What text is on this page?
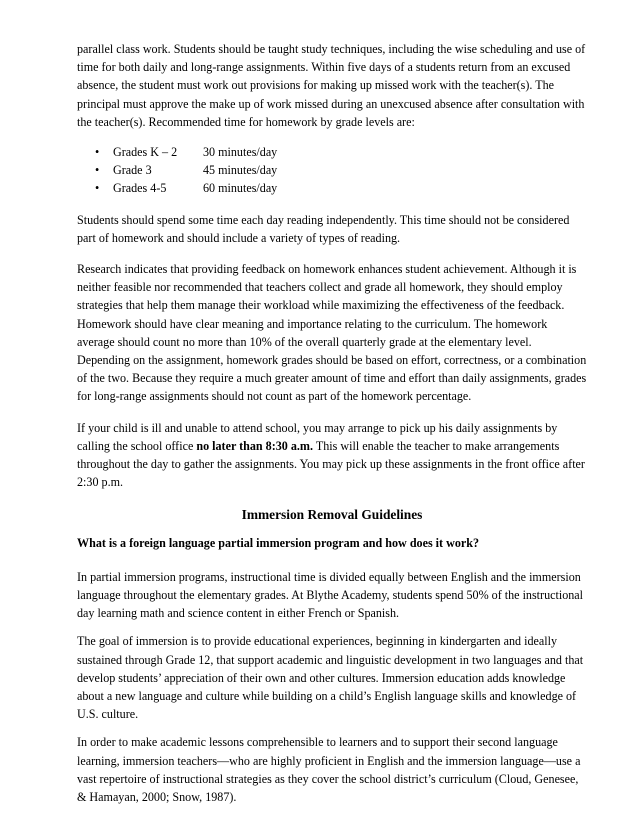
parallel class work. Students should be taught study techniques, including the wise scheduling and use of time for both daily and long-range assignments. Within five days of a students return from an excused absence, the student must work out provisions for making up missed work with the teacher(s). The principal must approve the make up of work missed during an unexcused absence after consultation with the teacher(s). Recommended time for homework by grade levels are:

•	Grades K – 2	30 minutes/day
•	Grade 3	45 minutes/day
•	Grades 4-5	60 minutes/day

Students should spend some time each day reading independently. This time should not be considered part of homework and should include a variety of types of reading.

Research indicates that providing feedback on homework enhances student achievement. Although it is neither feasible nor recommended that teachers collect and grade all homework, they should employ strategies that help them manage their workload while maximizing the effectiveness of the feedback. Homework should have clear meaning and importance relating to the curriculum. The homework average should count no more than 10% of the overall quarterly grade at the elementary level. Depending on the assignment, homework grades should be based on effort, correctness, or a combination of the two. Because they require a much greater amount of time and effort than daily assignments, grades for long-range assignments should not count as part of the homework percentage.

If your child is ill and unable to attend school, you may arrange to pick up his daily assignments by calling the school office no later than 8:30 a.m. This will enable the teacher to make arrangements throughout the day to gather the assignments. You may pick up these assignments in the front office after 2:30 p.m.

Immersion Removal Guidelines
What is a foreign language partial immersion program and how does it work?

In partial immersion programs, instructional time is divided equally between English and the immersion language throughout the elementary grades. At Blythe Academy, students spend 50% of the instructional day learning math and science content in either French or Spanish.

The goal of immersion is to provide educational experiences, beginning in kindergarten and ideally sustained through Grade 12, that support academic and linguistic development in two languages and that develop students’ appreciation of their own and other cultures. Immersion education adds knowledge about a new language and culture while building on a child’s English language skills and knowledge of U.S. culture.

In order to make academic lessons comprehensible to learners and to support their second language learning, immersion teachers—who are highly proficient in English and the immersion language—use a vast repertoire of instructional strategies as they cover the school district’s curriculum (Cloud, Genesee, & Hamayan, 2000; Snow, 1987).
